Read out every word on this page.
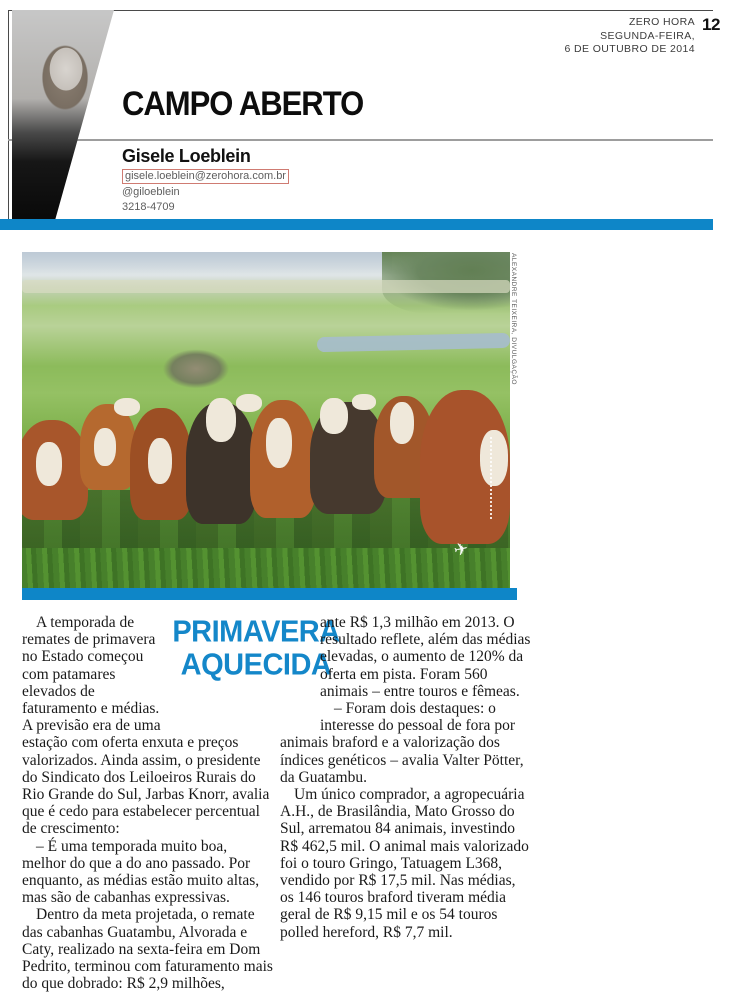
ZERO HORA
SEGUNDA-FEIRA,
6 DE OUTUBRO DE 2014
12
CAMPO ABERTO
Gisele Loeblein
gisele.loeblein@zerohora.com.br
@giloeblein
3218-4709
✈
ALEXANDRE TEIXEIRA, DIVULGAÇÃO
PRIMAVERA
AQUECIDA

A temporada de remates de primavera no Estado começou com patamares elevados de faturamento e médias. A previsão era de uma estação com oferta enxuta e preços valorizados. Ainda assim, o presidente do Sindicato dos Leiloeiros Rurais do Rio Grande do Sul, Jarbas Knorr, avalia que é cedo para estabelecer percentual de crescimento:

– É uma temporada muito boa, melhor do que a do ano passado. Por enquanto, as médias estão muito altas, mas são de cabanhas expressivas.

Dentro da meta projetada, o remate das cabanhas Guatambu, Alvorada e Caty, realizado na sexta-feira em Dom Pedrito, terminou com faturamento mais do que dobrado: R$ 2,9 milhões,

ante R$ 1,3 milhão em 2013. O resultado reflete, além das médias elevadas, o aumento de 120% da oferta em pista. Foram 560 animais – entre touros e fêmeas.

– Foram dois destaques: o interesse do pessoal de fora por animais braford e a valorização dos índices genéticos – avalia Valter Pötter, da Guatambu.

Um único comprador, a agropecuária A.H., de Brasilândia, Mato Grosso do Sul, arrematou 84 animais, investindo R$ 462,5 mil. O animal mais valorizado foi o touro Gringo, Tatuagem L368, vendido por R$ 17,5 mil. Nas médias, os 146 touros braford tiveram média geral de R$ 9,15 mil e os 54 touros polled hereford, R$ 7,7 mil.
